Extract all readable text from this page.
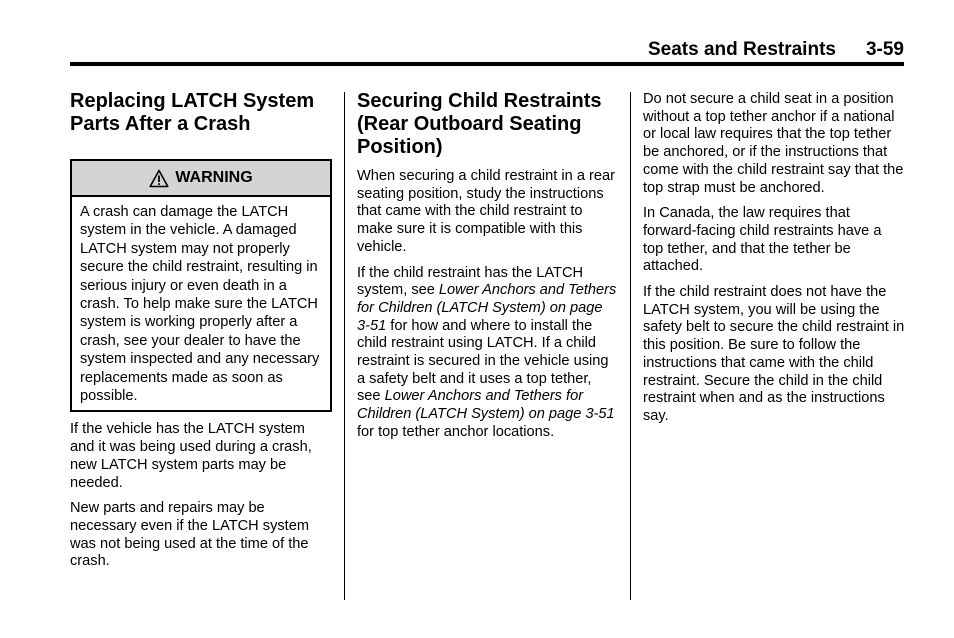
Seats and Restraints 3-59
Replacing LATCH System Parts After a Crash
WARNING

A crash can damage the LATCH system in the vehicle. A damaged LATCH system may not properly secure the child restraint, resulting in serious injury or even death in a crash. To help make sure the LATCH system is working properly after a crash, see your dealer to have the system inspected and any necessary replacements made as soon as possible.

If the vehicle has the LATCH system and it was being used during a crash, new LATCH system parts may be needed.

New parts and repairs may be necessary even if the LATCH system was not being used at the time of the crash.

Securing Child Restraints (Rear Outboard Seating Position)

When securing a child restraint in a rear seating position, study the instructions that came with the child restraint to make sure it is compatible with this vehicle.

If the child restraint has the LATCH system, see Lower Anchors and Tethers for Children (LATCH System) on page 3-51 for how and where to install the child restraint using LATCH. If a child restraint is secured in the vehicle using a safety belt and it uses a top tether, see Lower Anchors and Tethers for Children (LATCH System) on page 3-51 for top tether anchor locations.

Do not secure a child seat in a position without a top tether anchor if a national or local law requires that the top tether be anchored, or if the instructions that come with the child restraint say that the top strap must be anchored.

In Canada, the law requires that forward-facing child restraints have a top tether, and that the tether be attached.

If the child restraint does not have the LATCH system, you will be using the safety belt to secure the child restraint in this position. Be sure to follow the instructions that came with the child restraint. Secure the child in the child restraint when and as the instructions say.
